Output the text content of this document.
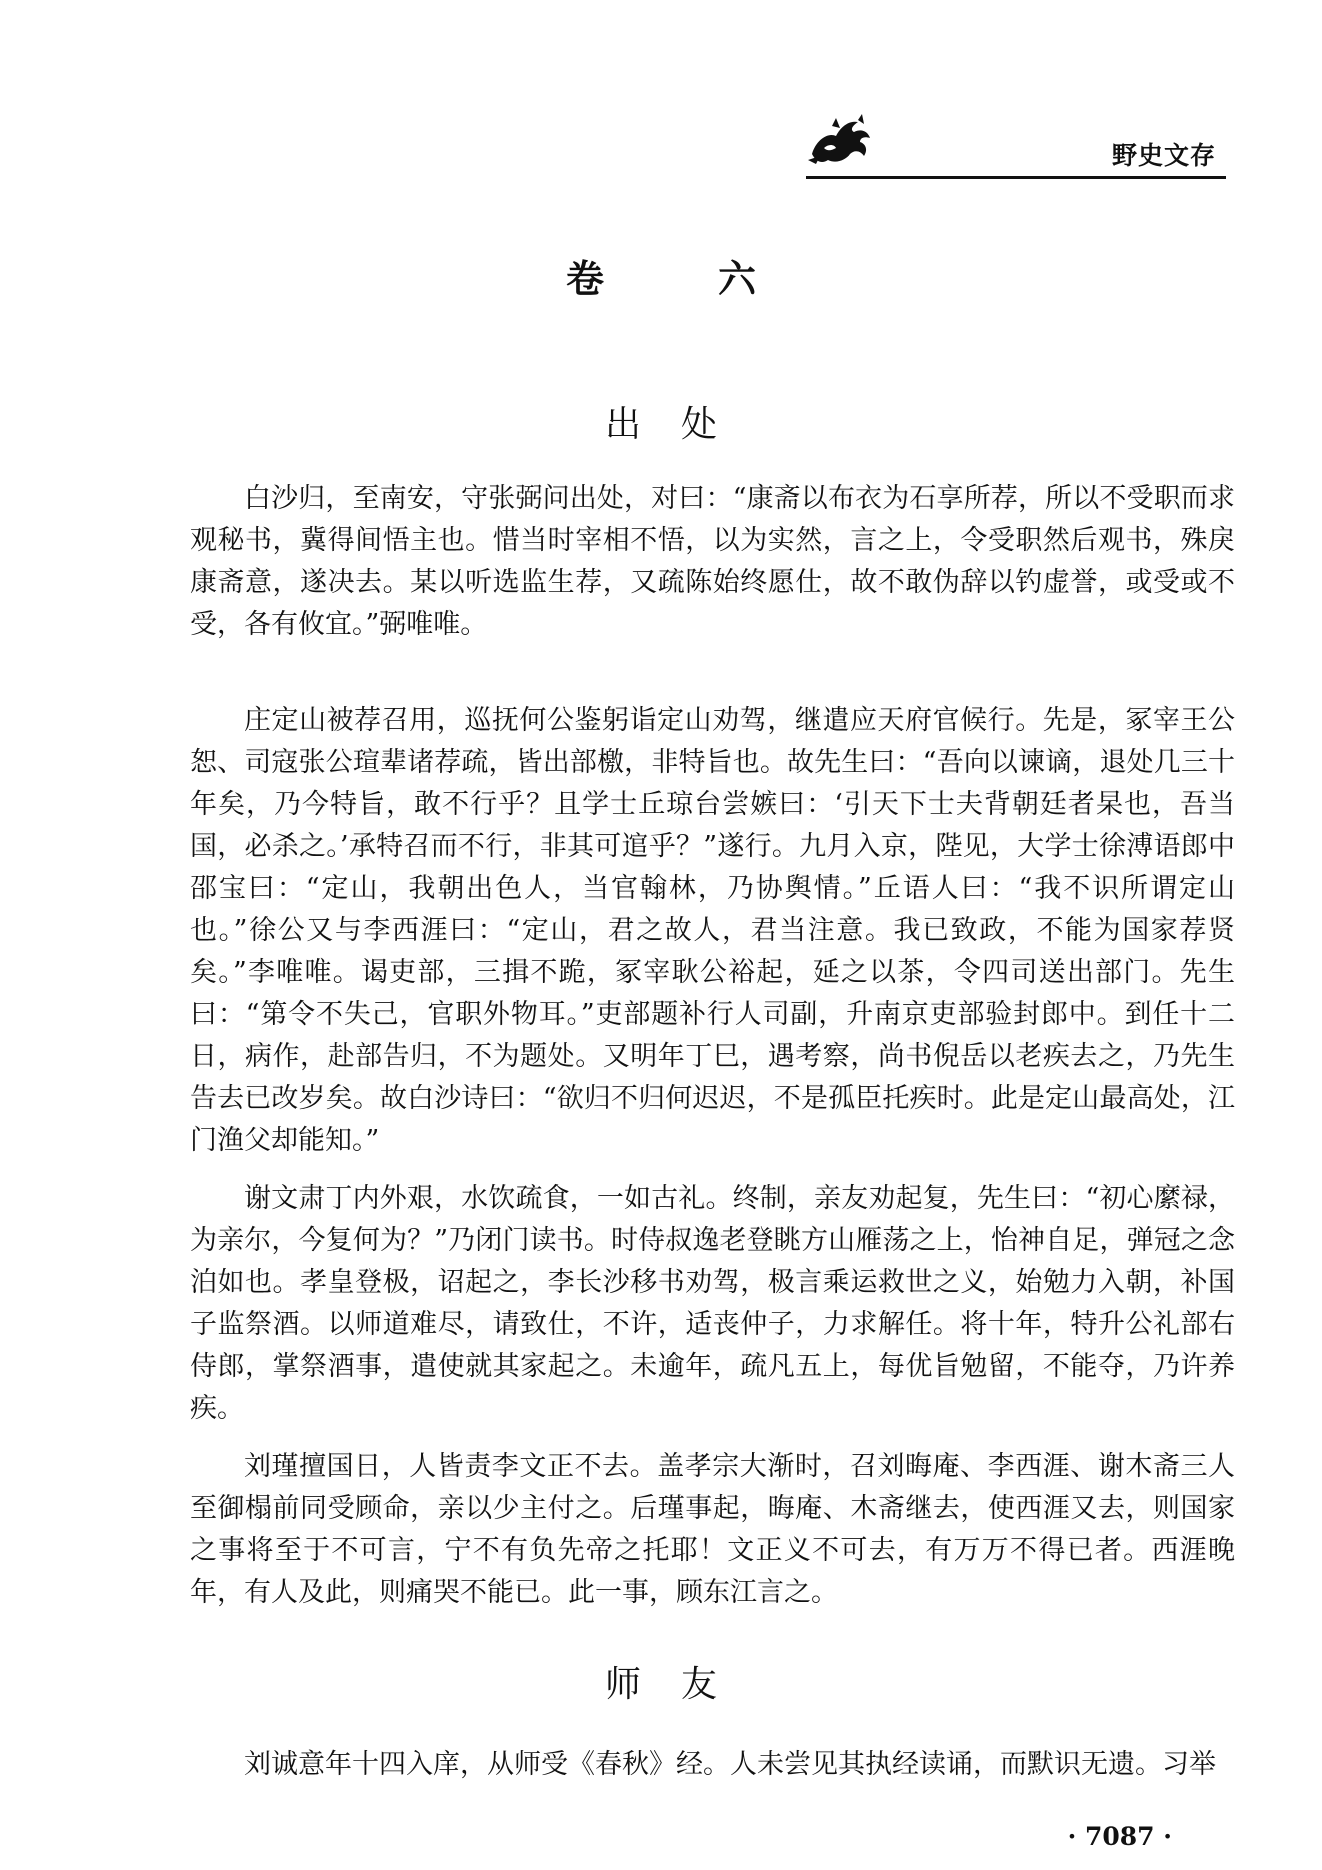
野史文存
卷　六
出处

白沙归，至南安，守张弼问出处，对曰：“康斋以布衣为石享所荐，所以不受职而求观秘书，冀得间悟主也。惜当时宰相不悟，以为实然，言之上，令受职然后观书，殊戾康斋意，遂决去。某以听选监生荐，又疏陈始终愿仕，故不敢伪辞以钓虚誉，或受或不受，各有攸宜。”弼唯唯。

庄定山被荐召用，巡抚何公鉴躬诣定山劝驾，继遣应天府官候行。先是，冢宰王公恕、司寇张公瑄辈诸荐疏，皆出部檄，非特旨也。故先生曰：“吾向以谏谪，退处几三十年矣，乃今特旨，敢不行乎？且学士丘琼台尝嫉曰：‘引天下士夫背朝廷者杲也，吾当国，必杀之。’承特召而不行，非其可逭乎？”遂行。九月入京，陛见，大学士徐溥语郎中邵宝曰：“定山，我朝出色人，当官翰林，乃协舆情。”丘语人曰：“我不识所谓定山也。”徐公又与李西涯曰：“定山，君之故人，君当注意。我已致政，不能为国家荐贤矣。”李唯唯。谒吏部，三揖不跪，冢宰耿公裕起，延之以茶，令四司送出部门。先生曰：“第令不失己，官职外物耳。”吏部题补行人司副，升南京吏部验封郎中。到任十二日，病作，赴部告归，不为题处。又明年丁巳，遇考察，尚书倪岳以老疾去之，乃先生告去已改岁矣。故白沙诗曰：“欲归不归何迟迟，不是孤臣托疾时。此是定山最高处，江门渔父却能知。”

谢文肃丁内外艰，水饮疏食，一如古礼。终制，亲友劝起复，先生曰：“初心縻禄，为亲尔，今复何为？”乃闭门读书。时侍叔逸老登眺方山雁荡之上，怡神自足，弹冠之念泊如也。孝皇登极，诏起之，李长沙移书劝驾，极言乘运救世之义，始勉力入朝，补国子监祭酒。以师道难尽，请致仕，不许，适丧仲子，力求解任。将十年，特升公礼部右侍郎，掌祭酒事，遣使就其家起之。未逾年，疏凡五上，每优旨勉留，不能夺，乃许养疾。

刘瑾擅国日，人皆责李文正不去。盖孝宗大渐时，召刘晦庵、李西涯、谢木斋三人至御榻前同受顾命，亲以少主付之。后瑾事起，晦庵、木斋继去，使西涯又去，则国家之事将至于不可言，宁不有负先帝之托耶！文正义不可去，有万万不得已者。西涯晚年，有人及此，则痛哭不能已。此一事，顾东江言之。

师友

刘诚意年十四入庠，从师受《春秋》经。人未尝见其执经读诵，而默识无遗。习举

· 7087 ·
